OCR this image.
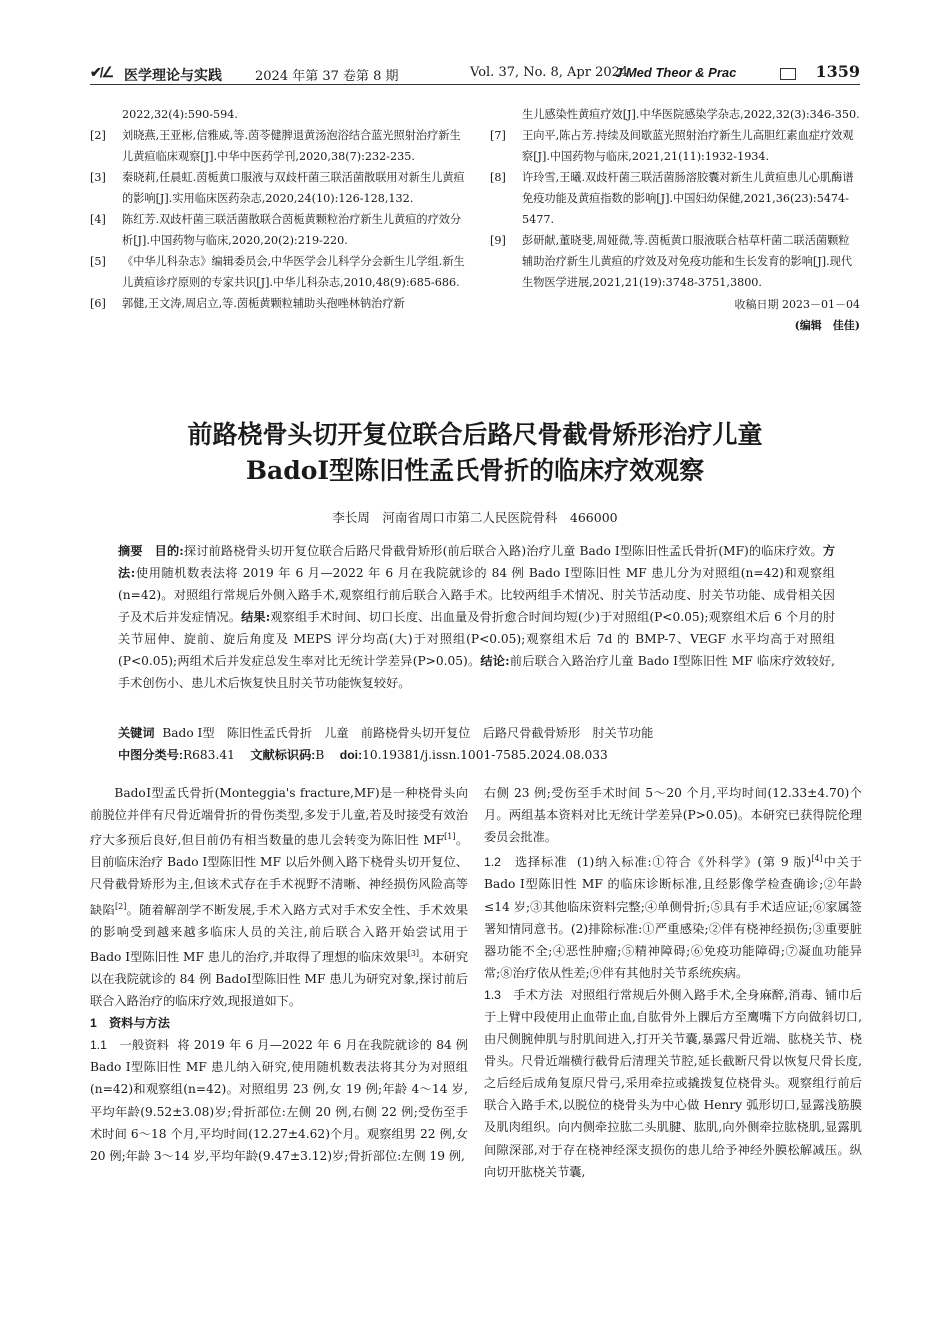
✔/∠ 医学理论与实践	2024 年第 37 卷第 8 期	Vol. 37, No. 8, Apr 2024
J Med Theor & Prac	1359

2022,32(4):590-594.

[2] 刘晓燕,王亚彬,信雅威,等.茵苓健脾退黄汤泡浴结合蓝光照射治疗新生儿黄疸临床观察[J].中华中医药学刊,2020,38(7):232-235.

[3] 秦晓莉,任晨虹.茵栀黄口服液与双歧杆菌三联活菌散联用对新生儿黄疸的影响[J].实用临床医药杂志,2020,24(10):126-128,132.

[4] 陈红芳.双歧杆菌三联活菌散联合茵栀黄颗粒治疗新生儿黄疸的疗效分析[J].中国药物与临床,2020,20(2):219-220.

[5] 《中华儿科杂志》编辑委员会,中华医学会儿科学分会新生儿学组.新生儿黄疸诊疗原则的专家共识[J].中华儿科杂志,2010,48(9):685-686.

[6] 郭健,王文涛,周启立,等.茵栀黄颗粒辅助头孢唑林钠治疗新

生儿感染性黄疸疗效[J].中华医院感染学杂志,2022,32(3):346-350.

[7] 王向平,陈占芳.持续及间歇蓝光照射治疗新生儿高胆红素血症疗效观察[J].中国药物与临床,2021,21(11):1932-1934.

[8] 许玲雪,王曦.双歧杆菌三联活菌肠溶胶囊对新生儿黄疸患儿心肌酶谱免疫功能及黄疸指数的影响[J].中国妇幼保健,2021,36(23):5474-5477.

[9] 彭研献,董晓斐,周娅微,等.茵栀黄口服液联合枯草杆菌二联活菌颗粒辅助治疗新生儿黄疸的疗效及对免疫功能和生长发育的影响[J].现代生物医学进展,2021,21(19):3748-3751,3800.

收稿日期 2023－01－04
(编辑　佳佳)
前路桡骨头切开复位联合后路尺骨截骨矫形治疗儿童
BadoⅠ型陈旧性孟氏骨折的临床疗效观察
李长周　河南省周口市第二人民医院骨科　466000
摘要 目的:探讨前路桡骨头切开复位联合后路尺骨截骨矫形(前后联合入路)治疗儿童 Bado Ⅰ型陈旧性孟氏骨折(MF)的临床疗效。方法:使用随机数表法将 2019 年 6 月—2022 年 6 月在我院就诊的 84 例 Bado Ⅰ型陈旧性 MF 患儿分为对照组(n=42)和观察组(n=42)。对照组行常规后外侧入路手术,观察组行前后联合入路手术。比较两组手术情况、肘关节活动度、肘关节功能、成骨相关因子及术后并发症情况。结果:观察组手术时间、切口长度、出血量及骨折愈合时间均短(少)于对照组(P<0.05);观察组术后 6 个月的肘关节屈伸、旋前、旋后角度及 MEPS 评分均高(大)于对照组(P<0.05);观察组术后 7d 的 BMP-7、VEGF 水平均高于对照组(P<0.05);两组术后并发症总发生率对比无统计学差异(P>0.05)。结论:前后联合入路治疗儿童 Bado Ⅰ型陈旧性 MF 临床疗效较好,手术创伤小、患儿术后恢复快且肘关节功能恢复较好。
关键词 Bado Ⅰ型　陈旧性孟氏骨折　儿童　前路桡骨头切开复位　后路尺骨截骨矫形　肘关节功能
中图分类号:R683.41 文献标识码:B doi:10.19381/j.issn.1001-7585.2024.08.033

BadoⅠ型孟氏骨折(Monteggia's fracture,MF)是一种桡骨头向前脱位并伴有尺骨近端骨折的骨伤类型,多发于儿童,若及时接受有效治疗大多预后良好,但目前仍有相当数量的患儿会转变为陈旧性 MF[1]。目前临床治疗 Bado Ⅰ型陈旧性 MF 以后外侧入路下桡骨头切开复位、尺骨截骨矫形为主,但该术式存在手术视野不清晰、神经损伤风险高等缺陷[2]。随着解剖学不断发展,手术入路方式对手术安全性、手术效果的影响受到越来越多临床人员的关注,前后联合入路开始尝试用于 Bado Ⅰ型陈旧性 MF 患儿的治疗,并取得了理想的临床效果[3]。本研究以在我院就诊的 84 例 BadoⅠ型陈旧性 MF 患儿为研究对象,探讨前后联合入路治疗的临床疗效,现报道如下。

1　资料与方法

1.1　一般资料 将 2019 年 6 月—2022 年 6 月在我院就诊的 84 例 Bado Ⅰ型陈旧性 MF 患儿纳入研究,使用随机数表法将其分为对照组(n=42)和观察组(n=42)。对照组男 23 例,女 19 例;年龄 4～14 岁,平均年龄(9.52±3.08)岁;骨折部位:左侧 20 例,右侧 22 例;受伤至手术时间 6～18 个月,平均时间(12.27±4.62)个月。观察组男 22 例,女 20 例;年龄 3～14 岁,平均年龄(9.47±3.12)岁;骨折部位:左侧 19 例,

右侧 23 例;受伤至手术时间 5～20 个月,平均时间(12.33±4.70)个月。两组基本资料对比无统计学差异(P>0.05)。本研究已获得院伦理委员会批准。

1.2　选择标准 (1)纳入标准:①符合《外科学》(第 9 版)[4]中关于 Bado Ⅰ型陈旧性 MF 的临床诊断标准,且经影像学检查确诊;②年龄≤14 岁;③其他临床资料完整;④单侧骨折;⑤具有手术适应证;⑥家属签署知情同意书。(2)排除标准:①严重感染;②伴有桡神经损伤;③重要脏器功能不全;④恶性肿瘤;⑤精神障碍;⑥免疫功能障碍;⑦凝血功能异常;⑧治疗依从性差;⑨伴有其他肘关节系统疾病。

1.3　手术方法 对照组行常规后外侧入路手术,全身麻醉,消毒、铺巾后于上臂中段使用止血带止血,自肱骨外上髁后方至鹰嘴下方向做斜切口,由尺侧腕伸肌与肘肌间进入,打开关节囊,暴露尺骨近端、肱桡关节、桡骨头。尺骨近端横行截骨后清理关节腔,延长截断尺骨以恢复尺骨长度,之后经后成角复原尺骨弓,采用牵拉或撬拨复位桡骨头。观察组行前后联合入路手术,以脱位的桡骨头为中心做 Henry 弧形切口,显露浅筋膜及肌肉组织。向内侧牵拉肱二头肌腱、肱肌,向外侧牵拉肱桡肌,显露肌间隙深部,对于存在桡神经深支损伤的患儿给予神经外膜松解减压。纵向切开肱桡关节囊,
